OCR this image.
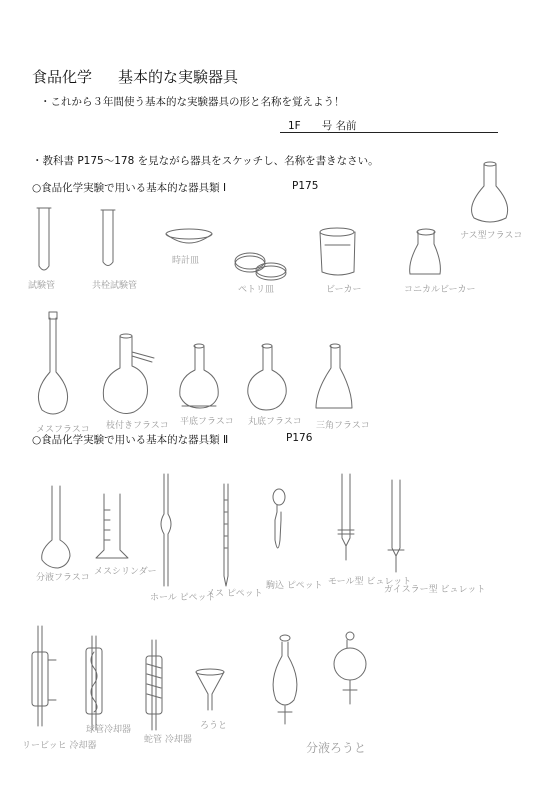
食品化学 基本的な実験器具
・これから３年間使う基本的な実験器具の形と名称を覚えよう！
1F　　号 名前
・教科書 P175～178 を見ながら器具をスケッチし、名称を書きなさい。
○食品化学実験で用いる基本的な器具類 Ⅰ	P175
○食品化学実験で用いる基本的な器具類 Ⅱ	P176
試験管	共栓試験管
時計皿
ペトリ皿	ビーカー	コニカルビーカー
ナス型フラスコ
メスフラスコ 枝付きフラスコ 平底フラスコ 丸底フラスコ 三角フラスコ
分液フラスコ
メスシリンダー
ホール ピペット
メス ピペット
駒込 ピペット モール型 ビュレット
ガイスラー型 ビュレット
リービッヒ 冷却器
球管冷却器
蛇管 冷却器
ろうと
分液ろうと
